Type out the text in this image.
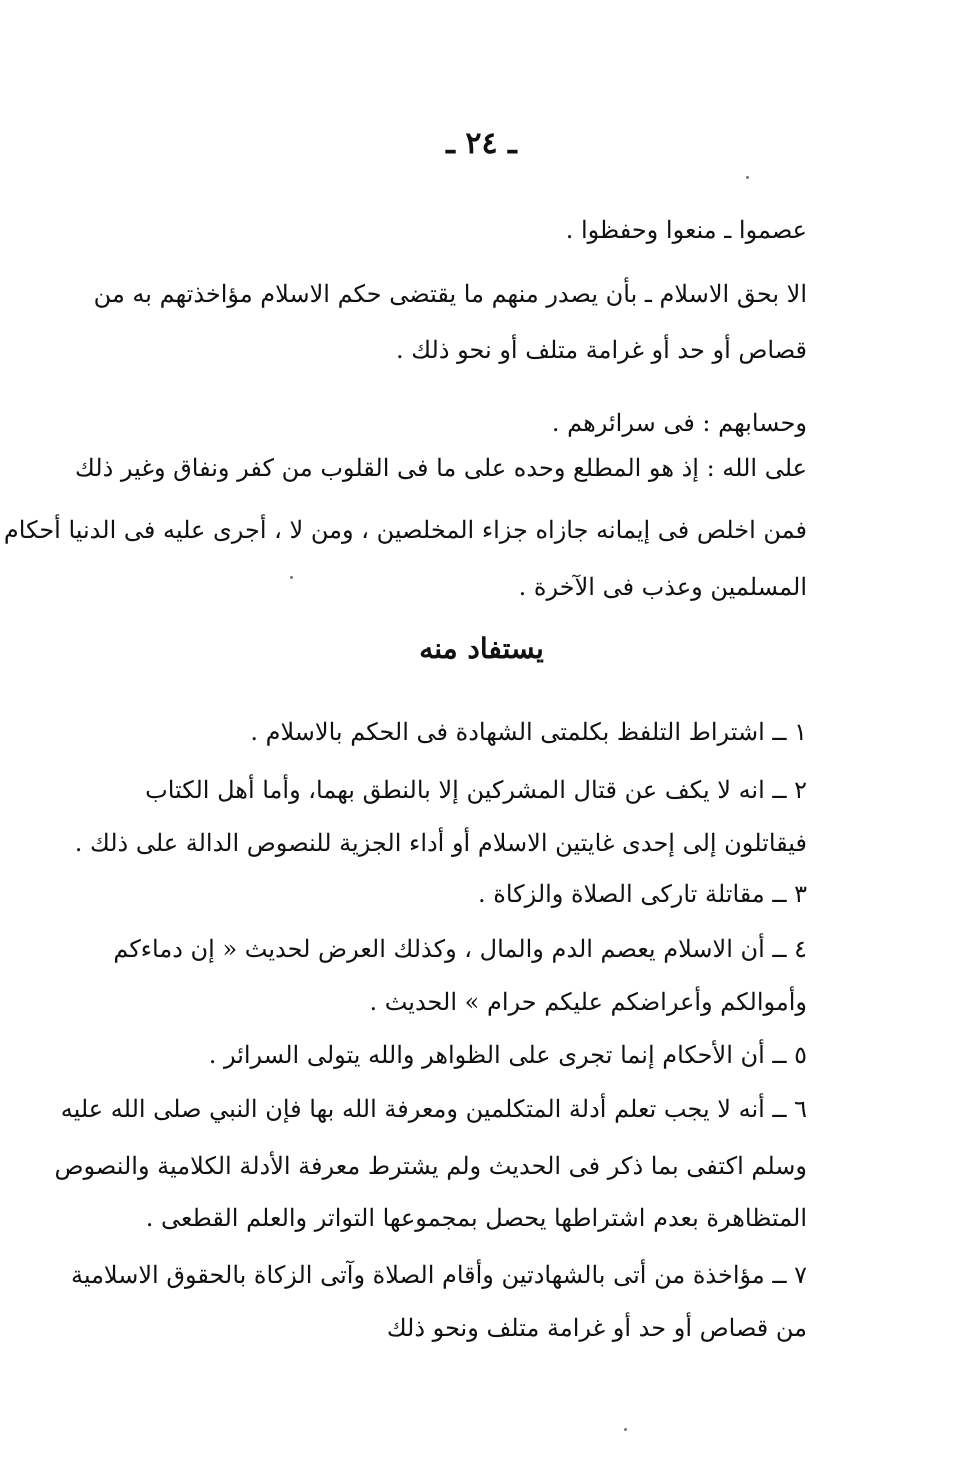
ـ ٢٤ ـ
عصموا ـ منعوا وحفظوا .
الا بحق الاسلام ـ بأن يصدر منهم ما يقتضى حكم الاسلام مؤاخذتهم به من
قصاص أو حد أو غرامة متلف أو نحو ذلك .
وحسابهم : فى سرائرهم .
على الله : إذ هو المطلع وحده على ما فى القلوب من كفر ونفاق وغير ذلك
فمن اخلص فى إيمانه جازاه جزاء المخلصين ، ومن لا ، أجرى عليه فى الدنيا أحكام
المسلمين وعذب فى الآخرة .
يستفاد منه
١ ــ اشتراط التلفظ بكلمتى الشهادة فى الحكم بالاسلام .
٢ ــ انه لا يكف عن قتال المشركين إلا بالنطق بهما، وأما أهل الكتاب
فيقاتلون إلى إحدى غايتين الاسلام أو أداء الجزية للنصوص الدالة على ذلك .
٣ ــ مقاتلة تاركى الصلاة والزكاة .
٤ ــ أن الاسلام يعصم الدم والمال ، وكذلك العرض لحديث « إن دماءكم
وأموالكم وأعراضكم عليكم حرام » الحديث .
٥ ــ أن الأحكام إنما تجرى على الظواهر والله يتولى السرائر .
٦ ــ أنه لا يجب تعلم أدلة المتكلمين ومعرفة الله بها فإن النبي صلى الله عليه
وسلم اكتفى بما ذكر فى الحديث ولم يشترط معرفة الأدلة الكلامية والنصوص
المتظاهرة بعدم اشتراطها يحصل بمجموعها التواتر والعلم القطعى .
٧ ــ مؤاخذة من أتى بالشهادتين وأقام الصلاة وآتى الزكاة بالحقوق الاسلامية
من قصاص أو حد أو غرامة متلف ونحو ذلك
